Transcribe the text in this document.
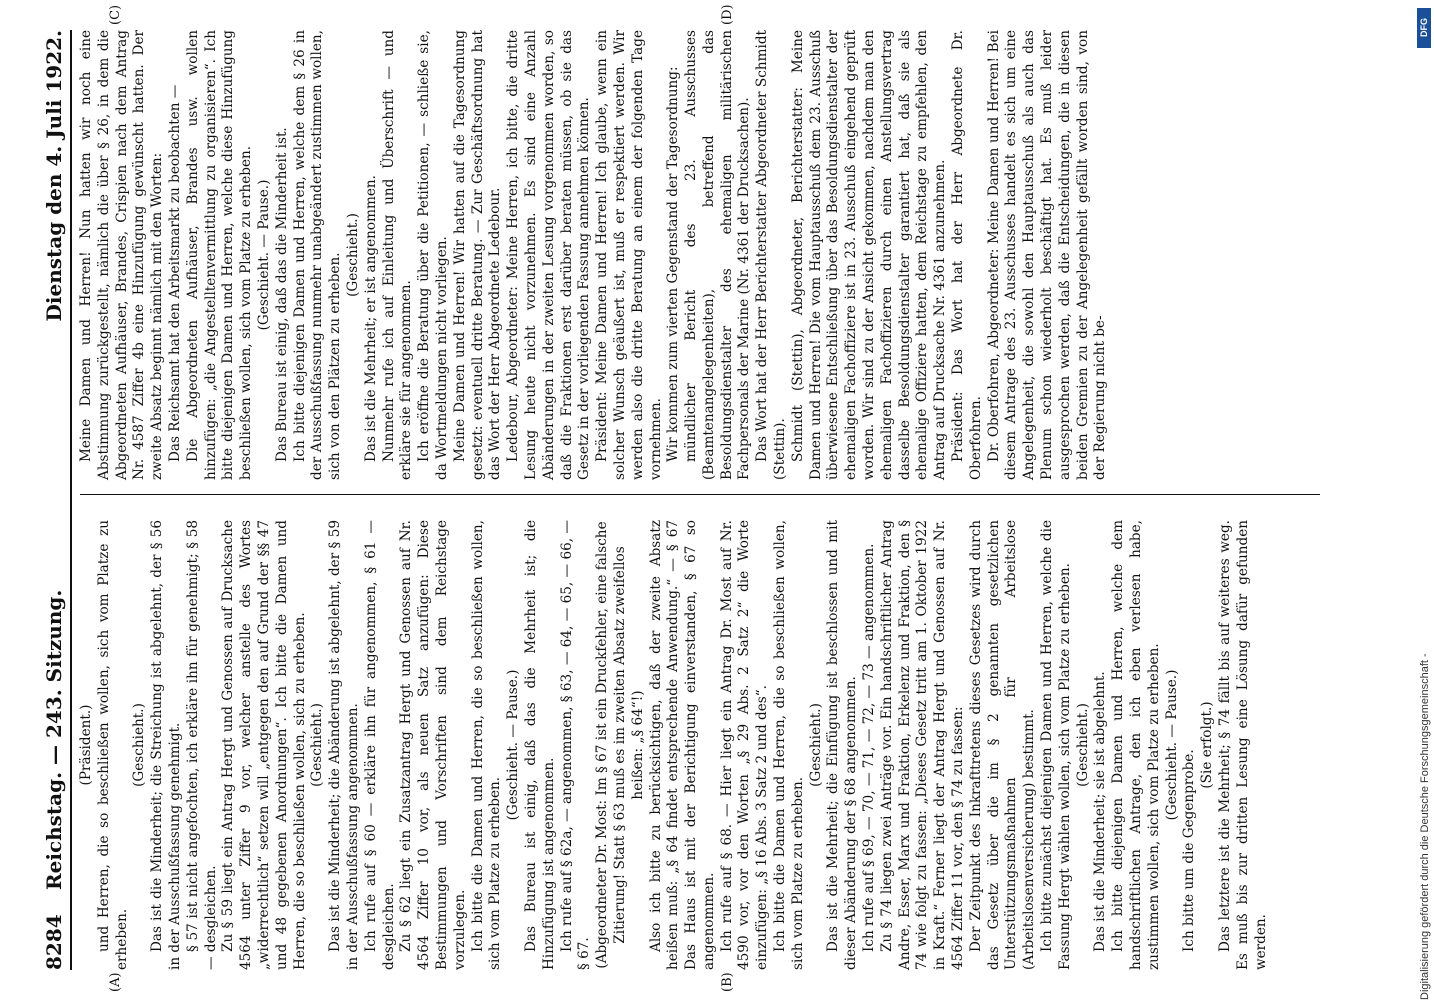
8284
Reichstag. — 243. Sitzung.
Dienstag den 4. Juli 1922.
(A)	(B)
(C)	(D)

(Präsident.) und Herren, die so beschließen wollen, sich vom Platze zu erheben.

(Geschieht.) Das ist die Minderheit; die Streichung ist abgelehnt, der § 56 in der Ausschußfassung genehmigt. § 57 ist nicht angefochten, ich erkläre ihn für genehmigt; § 58 — desgleichen. Zu § 59 liegt ein Antrag Hergt und Genossen auf Drucksache 4564 unter Ziffer 9 vor, welcher anstelle des Wortes „widerrechtlich“ setzen will „entgegen den auf Grund der §§ 47 und 48 gegebenen Anordnungen“. Ich bitte die Damen und Herren, die so beschließen wollen, sich zu erheben. (Geschieht.) Das ist die Minderheit; die Abänderung ist abgelehnt, der § 59 in der Ausschußfassung angenommen. Ich rufe auf § 60 — erkläre ihn für angenommen, § 61 — desgleichen. Zu § 62 liegt ein Zusatzantrag Hergt und Genossen auf Nr. 4564 Ziffer 10 vor, als neuen Satz anzufügen: Diese Bestimmungen und Vorschriften sind dem Reichstage vorzulegen. Ich bitte die Damen und Herren, die so beschließen wollen, sich vom Platze zu erheben.

(Geschieht. — Pause.) Das Bureau ist einig, daß das die Mehrheit ist; die Hinzufügung ist angenommen. Ich rufe auf § 62a, — angenommen, § 63, — 64, — 65, — 66, — § 67. (Abgeordneter Dr. Most: Im § 67 ist ein Druckfehler, eine falsche Zitierung! Statt § 63 muß es im zweiten Absatz zweifellos heißen: „§ 64“!) Also ich bitte zu berücksichtigen, daß der zweite Absatz heißen muß: „§ 64 findet entsprechende Anwendung.“ — § 67 Das Haus ist mit der Berichtigung einverstanden, § 67 so angenommen. Ich rufe auf § 68. — Hier liegt ein Antrag Dr. Most auf Nr. 4590 vor, vor den Worten „§ 29 Abs. 2 Satz 2“ die Worte einzufügen: „§ 16 Abs. 3 Satz 2 und des“. Ich bitte die Damen und Herren, die so beschließen wollen, sich vom Platze zu erheben.

(Geschieht.) Das ist die Mehrheit; die Einfügung ist beschlossen und mit dieser Abänderung der § 68 angenommen. Ich rufe auf § 69, — 70, — 71, — 72, — 73 — angenommen. Zu § 74 liegen zwei Anträge vor. Ein handschriftlicher Antrag Andre, Esser, Marx und Fraktion, Erkelenz und Fraktion, den § 74 wie folgt zu fassen: „Dieses Gesetz tritt am 1. Oktober 1922 in Kraft.“ Ferner liegt der Antrag Hergt und Genossen auf Nr. 4564 Ziffer 11 vor, den § 74 zu fassen: Der Zeitpunkt des Inkrafttretens dieses Gesetzes wird durch das Gesetz über die im § 2 genannten gesetzlichen Unterstützungsmaßnahmen für Arbeitslose (Arbeitslosenversicherung) bestimmt. Ich bitte zunächst diejenigen Damen und Herren, welche die Fassung Hergt wählen wollen, sich vom Platze zu erheben. (Geschieht.) Das ist die Minderheit; sie ist abgelehnt. Ich bitte diejenigen Damen und Herren, welche dem handschriftlichen Antrage, den ich eben verlesen habe, zustimmen wollen, sich vom Platze zu erheben. (Geschieht. — Pause.)

Ich bitte um die Gegenprobe.

(Sie erfolgt.) Das letztere ist die Mehrheit; § 74 fällt bis auf weiteres weg. Es muß bis zur dritten Lesung eine Lösung dafür gefunden werden.

Meine Damen und Herren! Nun hatten wir noch eine Abstimmung zurückgestellt, nämlich die über § 26, in dem die Abgeordneten Aufhäuser, Brandes, Crispien nach dem Antrag Nr. 4587 Ziffer 4b eine Hinzufügung gewünscht hatten. Der zweite Absatz beginnt nämlich mit den Worten: Das Reichsamt hat den Arbeitsmarkt zu beobachten — Die Abgeordneten Aufhäuser, Brandes usw. wollen hinzufügen: „die Angestelltenvermittlung zu organisieren“. Ich bitte diejenigen Damen und Herren, welche diese Hinzufügung beschließen wollen, sich vom Platze zu erheben. (Geschieht. — Pause.) Das Bureau ist einig, daß das die Minderheit ist. Ich bitte diejenigen Damen und Herren, welche dem § 26 in der Ausschußfassung nunmehr unabgeändert zustimmen wollen, sich von den Plätzen zu erheben. (Geschieht.) Das ist die Mehrheit; er ist angenommen. Nunmehr rufe ich auf Einleitung und Überschrift — und erkläre sie für angenommen. Ich eröffne die Beratung über die Petitionen, — schließe sie, da Wortmeldungen nicht vorliegen. Meine Damen und Herren! Wir hatten auf die Tagesordnung gesetzt: eventuell dritte Beratung. — Zur Geschäftsordnung hat das Wort der Herr Abgeordnete Ledebour. Ledebour, Abgeordneter: Meine Herren, ich bitte, die dritte Lesung heute nicht vorzunehmen. Es sind eine Anzahl Abänderungen in der zweiten Lesung vorgenommen worden, so daß die Fraktionen erst darüber beraten müssen, ob sie das Gesetz in der vorliegenden Fassung annehmen können. Präsident: Meine Damen und Herren! Ich glaube, wenn ein solcher Wunsch geäußert ist, muß er respektiert werden. Wir werden also die dritte Beratung an einem der folgenden Tage vornehmen. Wir kommen zum vierten Gegenstand der Tagesordnung: mündlicher Bericht des 23. Ausschusses (Beamtenangelegenheiten), betreffend das Besoldungsdienstalter des ehemaligen militärischen Fachpersonals der Marine (Nr. 4361 der Drucksachen). Das Wort hat der Herr Berichterstatter Abgeordneter Schmidt (Stettin). Schmidt (Stettin), Abgeordneter, Berichterstatter: Meine Damen und Herren! Die vom Hauptausschuß dem 23. Ausschuß überwiesene Entschließung über das Besoldungsdienstalter der ehemaligen Fachoffiziere ist in 23. Ausschuß eingehend geprüft worden. Wir sind zu der Ansicht gekommen, nachdem man den ehemaligen Fachoffizieren durch einen Anstellungsvertrag dasselbe Besoldungsdienstalter garantiert hat, daß sie als ehemalige Offiziere hatten, dem Reichstage zu empfehlen, den Antrag auf Drucksache Nr. 4361 anzunehmen. Präsident: Das Wort hat der Herr Abgeordnete Dr. Oberfohren. Dr. Oberfohren, Abgeordneter: Meine Damen und Herren! Bei diesem Antrage des 23. Ausschusses handelt es sich um eine Angelegenheit, die sowohl den Hauptausschuß als auch das Plenum schon wiederholt beschäftigt hat. Es muß leider ausgesprochen werden, daß die Entscheidungen, die in diesen beiden Gremien zu der Angelegenheit gefällt worden sind, von der Regierung nicht be-

DFG
Digitalisierung gefördert durch die Deutsche Forschungsgemeinschaft -
